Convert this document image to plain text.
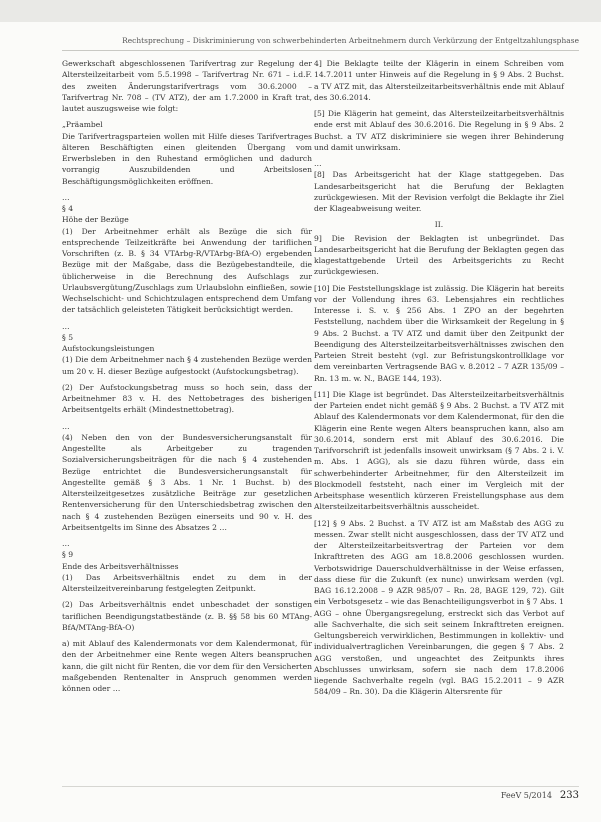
Rechtsprechung – Diskriminierung von schwerbehinderten Arbeitnehmern durch Verkürzung der Entgeltzahlungsphase

Gewerkschaft abgeschlossenen Tarifvertrag zur Regelung der Altersteilzeitarbeit vom 5.5.1998 – Tarifvertrag Nr. 671 – i.d.F. des zweiten Änderungstarifvertrags vom 30.6.2000 – Tarifvertrag Nr. 708 – (TV ATZ), der am 1.7.2000 in Kraft trat, lautet auszugsweise wie folgt:

„Präambel

Die Tarifvertragsparteien wollen mit Hilfe dieses Tarifvertrages älteren Beschäftigten einen gleitenden Übergang vom Erwerbsleben in den Ruhestand ermöglichen und dadurch vorrangig Auszubildenden und Arbeitslosen Beschäftigungsmöglichkeiten eröffnen.

…

§ 4

Höhe der Bezüge

(1) Der Arbeitnehmer erhält als Bezüge die sich für entsprechende Teilzeitkräfte bei Anwendung der tariflichen Vorschriften (z. B. § 34 VTArbg-R/VTArbg-BfA-O) ergebenden Bezüge mit der Maßgabe, dass die Bezügebestandteile, die üblicherweise in die Berechnung des Aufschlags zur Urlaubsvergütung/Zuschlags zum Urlaubslohn einfließen, sowie Wechselschicht- und Schichtzulagen entsprechend dem Umfang der tatsächlich geleisteten Tätigkeit berücksichtigt werden.

…

§ 5

Aufstockungsleistungen

(1) Die dem Arbeitnehmer nach § 4 zustehenden Bezüge werden um 20 v. H. dieser Bezüge aufgestockt (Aufstockungsbetrag).

(2) Der Aufstockungsbetrag muss so hoch sein, dass der Arbeitnehmer 83 v. H. des Nettobetrages des bisherigen Arbeitsentgelts erhält (Mindestnettobetrag).

…

(4) Neben den von der Bundesversicherungsanstalt für Angestellte als Arbeitgeber zu tragenden Sozialversicherungsbeiträgen für die nach § 4 zustehenden Bezüge entrichtet die Bundesversicherungsanstalt für Angestellte gemäß § 3 Abs. 1 Nr. 1 Buchst. b) des Altersteilzeitgesetzes zusätzliche Beiträge zur gesetzlichen Rentenversicherung für den Unterschiedsbetrag zwischen den nach § 4 zustehenden Bezügen einerseits und 90 v. H. des Arbeitsentgelts im Sinne des Absatzes 2 …

…

§ 9

Ende des Arbeitsverhältnisses

(1) Das Arbeitsverhältnis endet zu dem in der Altersteilzeitvereinbarung festgelegten Zeitpunkt.

(2) Das Arbeitsverhältnis endet unbeschadet der sonstigen tariflichen Beendigungstatbestände (z. B. §§ 58 bis 60 MTAng-BfA/MTAng-BfA-O)

a) mit Ablauf des Kalendermonats vor dem Kalendermonat, für den der Arbeitnehmer eine Rente wegen Alters beanspruchen kann, die gilt nicht für Renten, die vor dem für den Versicherten maßgebenden Rentenalter in Anspruch genommen werden können oder …

4] Die Beklagte teilte der Klägerin in einem Schreiben vom 14.7.2011 unter Hinweis auf die Regelung in § 9 Abs. 2 Buchst. a TV ATZ mit, das Altersteilzeitarbeitsverhältnis ende mit Ablauf des 30.6.2014.

[5] Die Klägerin hat gemeint, das Altersteilzeitarbeitsverhältnis ende erst mit Ablauf des 30.6.2016. Die Regelung in § 9 Abs. 2 Buchst. a TV ATZ diskriminiere sie wegen ihrer Behinderung und damit unwirksam.

…

[8] Das Arbeitsgericht hat der Klage stattgegeben. Das Landesarbeitsgericht hat die Berufung der Beklagten zurückgewiesen. Mit der Revision verfolgt die Beklagte ihr Ziel der Klageabweisung weiter.

II.

9] Die Revision der Beklagten ist unbegründet. Das Landesarbeitsgericht hat die Berufung der Beklagten gegen das klagestattgebende Urteil des Arbeitsgerichts zu Recht zurückgewiesen.

[10] Die Feststellungsklage ist zulässig. Die Klägerin hat bereits vor der Vollendung ihres 63. Lebensjahres ein rechtliches Interesse i. S. v. § 256 Abs. 1 ZPO an der begehrten Feststellung, nachdem über die Wirksamkeit der Regelung in § 9 Abs. 2 Buchst. a TV ATZ und damit über den Zeitpunkt der Beendigung des Altersteilzeitarbeitsverhältnisses zwischen den Parteien Streit besteht (vgl. zur Befristungskontrollklage vor dem vereinbarten Vertragsende BAG v. 8.2012 – 7 AZR 135/09 – Rn. 13 m. w. N., BAGE 144, 193).

[11] Die Klage ist begründet. Das Altersteilzeitarbeitsverhältnis der Parteien endet nicht gemäß § 9 Abs. 2 Buchst. a TV ATZ mit Ablauf des Kalendermonats vor dem Kalendermonat, für den die Klägerin eine Rente wegen Alters beanspruchen kann, also am 30.6.2014, sondern erst mit Ablauf des 30.6.2016. Die Tarifvorschrift ist jedenfalls insoweit unwirksam (§ 7 Abs. 2 i. V. m. Abs. 1 AGG), als sie dazu führen würde, dass ein schwerbehinderter Arbeitnehmer, für den Altersteilzeit im Blockmodell feststeht, nach einer im Vergleich mit der Arbeitsphase wesentlich kürzeren Freistellungsphase aus dem Altersteilzeitarbeitsverhältnis ausscheidet.

[12] § 9 Abs. 2 Buchst. a TV ATZ ist am Maßstab des AGG zu messen. Zwar stellt nicht ausgeschlossen, dass der TV ATZ und der Altersteilzeitarbeitsvertrag der Parteien vor dem Inkrafttreten des AGG am 18.8.2006 geschlossen wurden. Verbotswidrige Dauerschuldverhältnisse in der Weise erfassen, dass diese für die Zukunft (ex nunc) unwirksam werden (vgl. BAG 16.12.2008 – 9 AZR 985/07 – Rn. 28, BAGE 129, 72). Gilt ein Verbotsgesetz – wie das Benachteiligungsverbot in § 7 Abs. 1 AGG – ohne Übergangsregelung, erstreckt sich das Verbot auf alle Sachverhalte, die sich seit seinem Inkrafttreten ereignen. Geltungsbereich verwirklichen, Bestimmungen in kollektiv- und individualvertraglichen Vereinbarungen, die gegen § 7 Abs. 2 AGG verstoßen, und ungeachtet des Zeitpunkts ihres Abschlusses unwirksam, sofern sie nach dem 17.8.2006 liegende Sachverhalte regeln (vgl. BAG 15.2.2011 – 9 AZR 584/09 – Rn. 30). Da die Klägerin Altersrente für

FeeV 5/2014 233
